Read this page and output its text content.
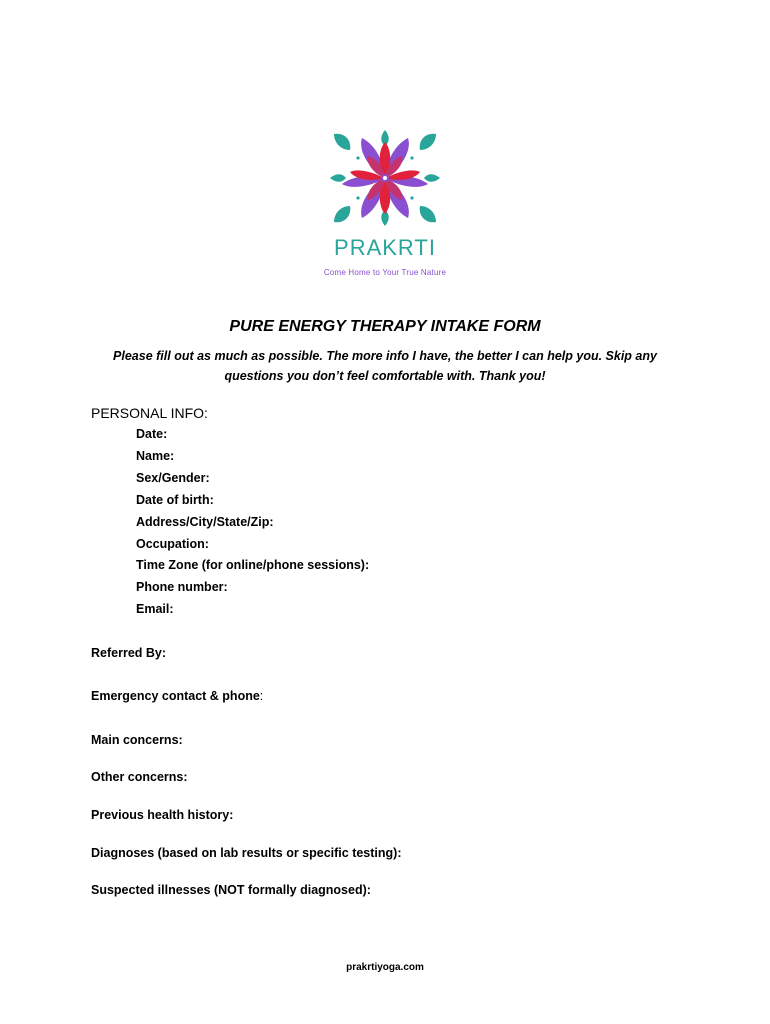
PRAKRTI
Come Home to Your True Nature
PURE ENERGY THERAPY INTAKE FORM
Please fill out as much as possible. The more info I have, the better I can help you. Skip any questions you don’t feel comfortable with. Thank you!
PERSONAL INFO:
Date:
Name:
Sex/Gender:
Date of birth:
Address/City/State/Zip:
Occupation:
Time Zone (for online/phone sessions):
Phone number:
Email:
Referred By:
Emergency contact & phone:
Main concerns:
Other concerns:
Previous health history:
Diagnoses (based on lab results or specific testing):
Suspected illnesses (NOT formally diagnosed):
prakrtiyoga.com
